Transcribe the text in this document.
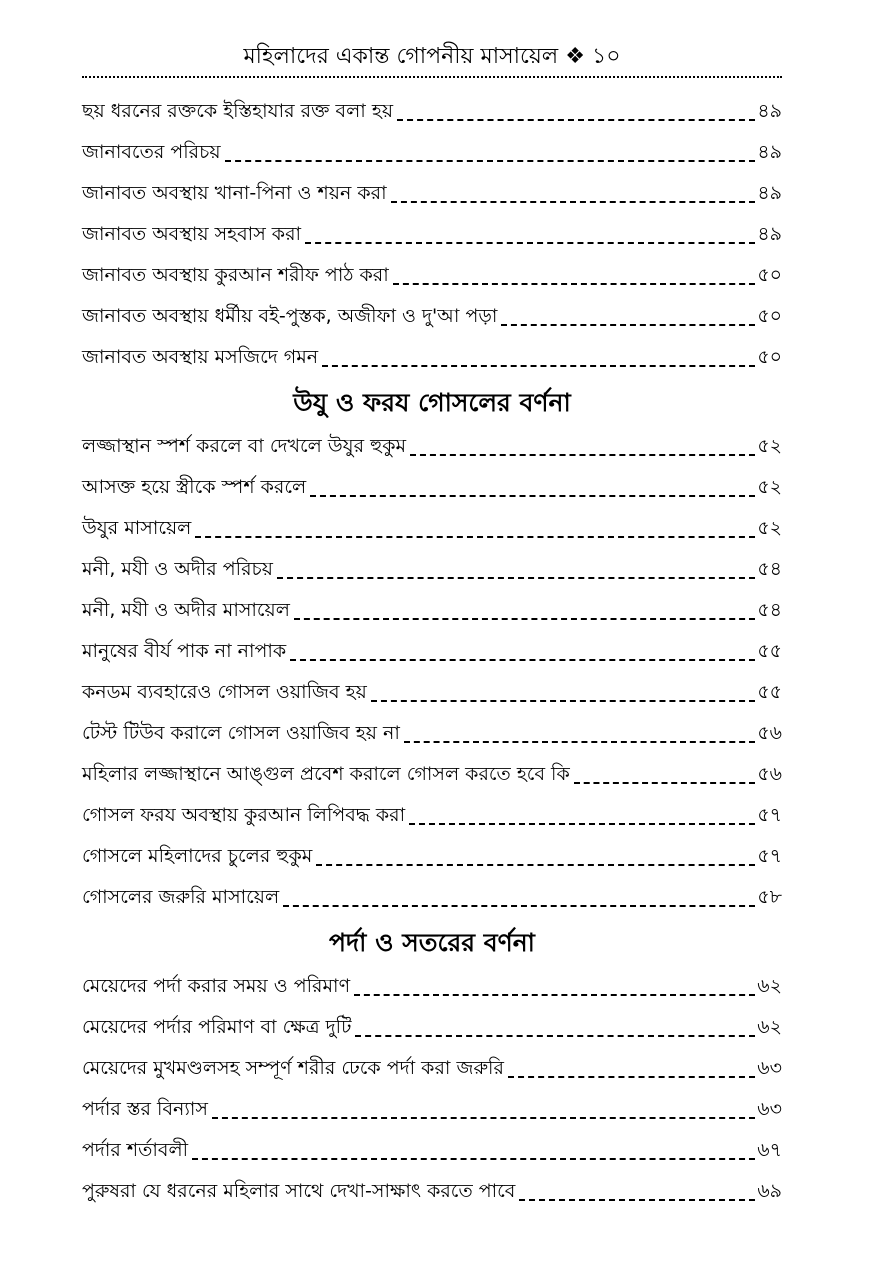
মহিলাদের একান্ত গোপনীয় মাসায়েল ❖ ১০
ছয় ধরনের রক্তকে ইস্তিহাযার রক্ত বলা হয়	৪৯
জানাবতের পরিচয়	৪৯
জানাবত অবস্থায় খানা-পিনা ও শয়ন করা	৪৯
জানাবত অবস্থায় সহবাস করা	৪৯
জানাবত অবস্থায় কুরআন শরীফ পাঠ করা	৫০
জানাবত অবস্থায় ধর্মীয় বই-পুস্তক, অজীফা ও দু'আ পড়া	৫০
জানাবত অবস্থায় মসজিদে গমন	৫০
উযু ও ফরয গোসলের বর্ণনা
লজ্জাস্থান স্পর্শ করলে বা দেখলে উযুর হুকুম	৫২
আসক্ত হয়ে স্ত্রীকে স্পর্শ করলে	৫২
উযুর মাসায়েল	৫২
মনী, মযী ও অদীর পরিচয়	৫৪
মনী, মযী ও অদীর মাসায়েল	৫৪
মানুষের বীর্য পাক না নাপাক	৫৫
কনডম ব্যবহারেও গোসল ওয়াজিব হয়	৫৫
টেস্ট টিউব করালে গোসল ওয়াজিব হয় না	৫৬
মহিলার লজ্জাস্থানে আঙ্গুল প্রবেশ করালে গোসল করতে হবে কি	৫৬
গোসল ফরয অবস্থায় কুরআন লিপিবদ্ধ করা	৫৭
গোসলে মহিলাদের চুলের হুকুম	৫৭
গোসলের জরুরি মাসায়েল	৫৮
পর্দা ও সতরের বর্ণনা
মেয়েদের পর্দা করার সময় ও পরিমাণ	৬২
মেয়েদের পর্দার পরিমাণ বা ক্ষেত্র দুটি	৬২
মেয়েদের মুখমণ্ডলসহ সম্পূর্ণ শরীর ঢেকে পর্দা করা জরুরি	৬৩
পর্দার স্তর বিন্যাস	৬৩
পর্দার শর্তাবলী	৬৭
পুরুষরা যে ধরনের মহিলার সাথে দেখা-সাক্ষাৎ করতে পাবে	৬৯
